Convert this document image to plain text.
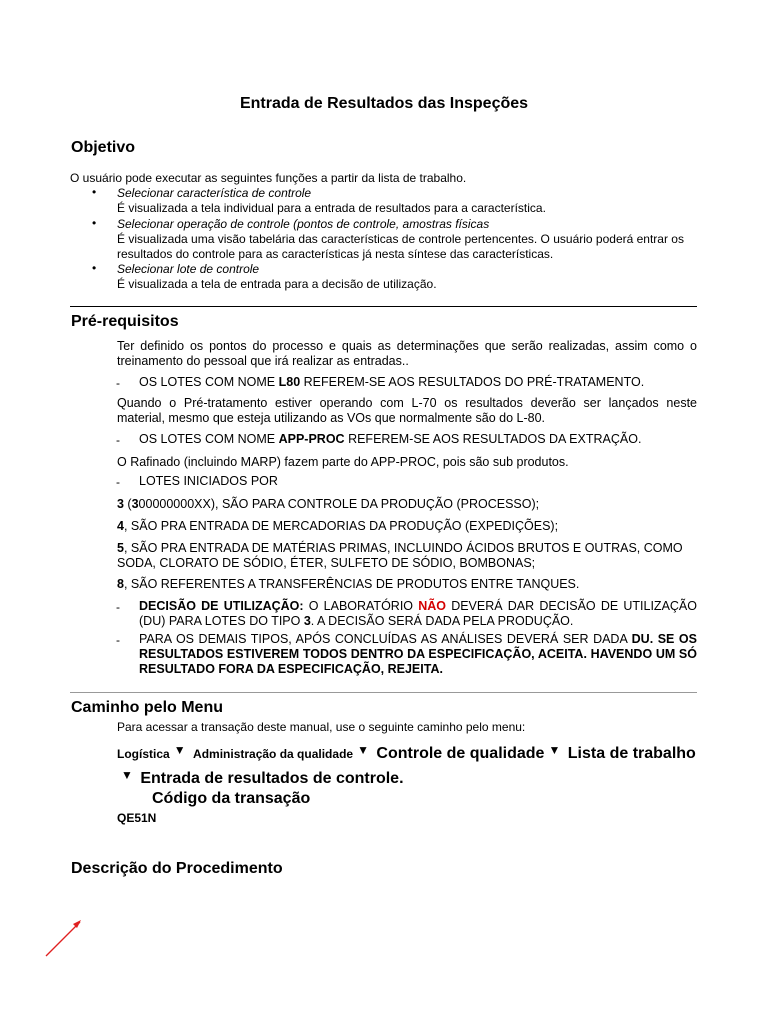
Entrada de Resultados das Inspeções
Objetivo
O usuário pode executar as seguintes funções a partir da lista de trabalho.
• Selecionar característica de controle
É visualizada a tela individual para a entrada de resultados para a característica.
• Selecionar operação de controle (pontos de controle, amostras físicas
É visualizada uma visão tabelária das características de controle pertencentes. O usuário poderá entrar os resultados do controle para as características já nesta síntese das características.
• Selecionar lote de controle
É visualizada a tela de entrada para a decisão de utilização.
Pré-requisitos
Ter definido os pontos do processo e quais as determinações que serão realizadas, assim como o treinamento do pessoal que irá realizar as entradas..
- OS LOTES COM NOME L80 REFEREM-SE AOS RESULTADOS DO PRÉ-TRATAMENTO.
Quando o Pré-tratamento estiver operando com L-70 os resultados deverão ser lançados neste material, mesmo que esteja utilizando as VOs que normalmente são do L-80.
- OS LOTES COM NOME APP-PROC REFEREM-SE AOS RESULTADOS DA EXTRAÇÃO.
O Rafinado (incluindo MARP) fazem parte do APP-PROC, pois são sub produtos.
- LOTES INICIADOS POR
3 (300000000XX), SÃO PARA CONTROLE DA PRODUÇÃO (PROCESSO);
4, SÃO PRA ENTRADA DE MERCADORIAS DA PRODUÇÃO (EXPEDIÇÕES);
5, SÃO PRA ENTRADA DE MATÉRIAS PRIMAS, INCLUINDO ÁCIDOS BRUTOS E OUTRAS, COMO SODA, CLORATO DE SÓDIO, ÉTER, SULFETO DE SÓDIO, BOMBONAS;
8, SÃO REFERENTES A TRANSFERÊNCIAS DE PRODUTOS ENTRE TANQUES.
- DECISÃO DE UTILIZAÇÃO: O LABORATÓRIO NÃO DEVERÁ DAR DECISÃO DE UTILIZAÇÃO (DU) PARA LOTES DO TIPO 3. A DECISÃO SERÁ DADA PELA PRODUÇÃO.
- PARA OS DEMAIS TIPOS, APÓS CONCLUÍDAS AS ANÁLISES DEVERÁ SER DADA DU. SE OS RESULTADOS ESTIVEREM TODOS DENTRO DA ESPECIFICAÇÃO, ACEITA. HAVENDO UM SÓ RESULTADO FORA DA ESPECIFICAÇÃO, REJEITA.
Caminho pelo Menu
Para acessar a transação deste manual, use o seguinte caminho pelo menu:
Logística ▼ Administração da qualidade ▼ Controle de qualidade ▼ Lista de trabalho▼ Entrada de resultados de controle.
Código da transação
QE51N
Descrição do Procedimento
